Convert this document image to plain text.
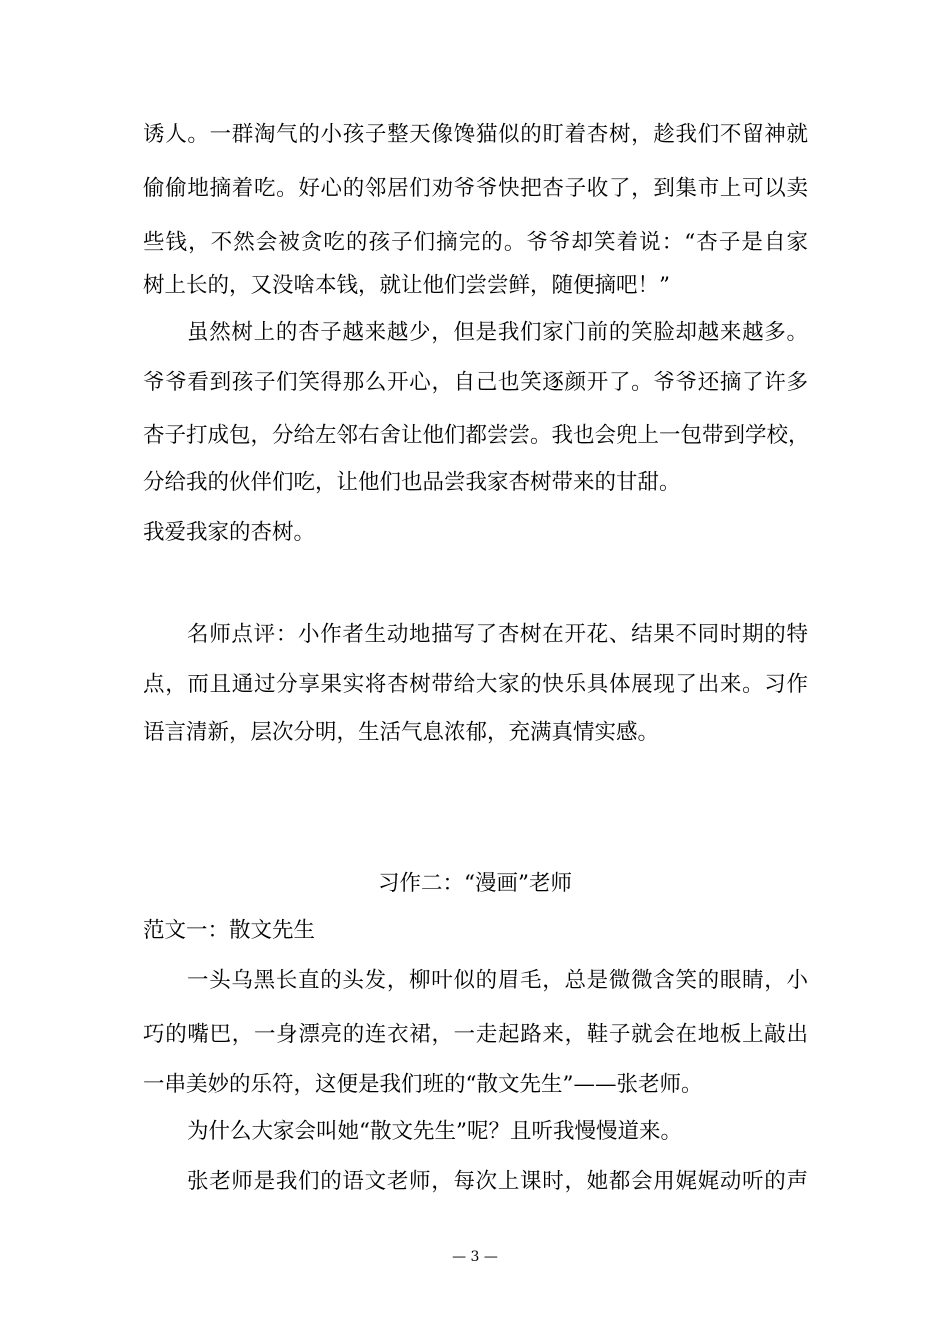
诱人。一群淘气的小孩子整天像馋猫似的盯着杏树，趁我们不留神就
偷偷地摘着吃。好心的邻居们劝爷爷快把杏子收了，到集市上可以卖
些钱，不然会被贪吃的孩子们摘完的。爷爷却笑着说：“杏子是自家
树上长的，又没啥本钱，就让他们尝尝鲜，随便摘吧！”
虽然树上的杏子越来越少，但是我们家门前的笑脸却越来越多。
爷爷看到孩子们笑得那么开心，自己也笑逐颜开了。爷爷还摘了许多
杏子打成包，分给左邻右舍让他们都尝尝。我也会兜上一包带到学校，
分给我的伙伴们吃，让他们也品尝我家杏树带来的甘甜。
我爱我家的杏树。
名师点评：小作者生动地描写了杏树在开花、结果不同时期的特
点，而且通过分享果实将杏树带给大家的快乐具体展现了出来。习作
语言清新，层次分明，生活气息浓郁，充满真情实感。
习作二：“漫画”老师
范文一：散文先生
一头乌黑长直的头发，柳叶似的眉毛，总是微微含笑的眼睛，小
巧的嘴巴，一身漂亮的连衣裙，一走起路来，鞋子就会在地板上敲出
一串美妙的乐符，这便是我们班的“散文先生”——张老师。
为什么大家会叫她“散文先生”呢？且听我慢慢道来。
张老师是我们的语文老师，每次上课时，她都会用娓娓动听的声
— 3 —
